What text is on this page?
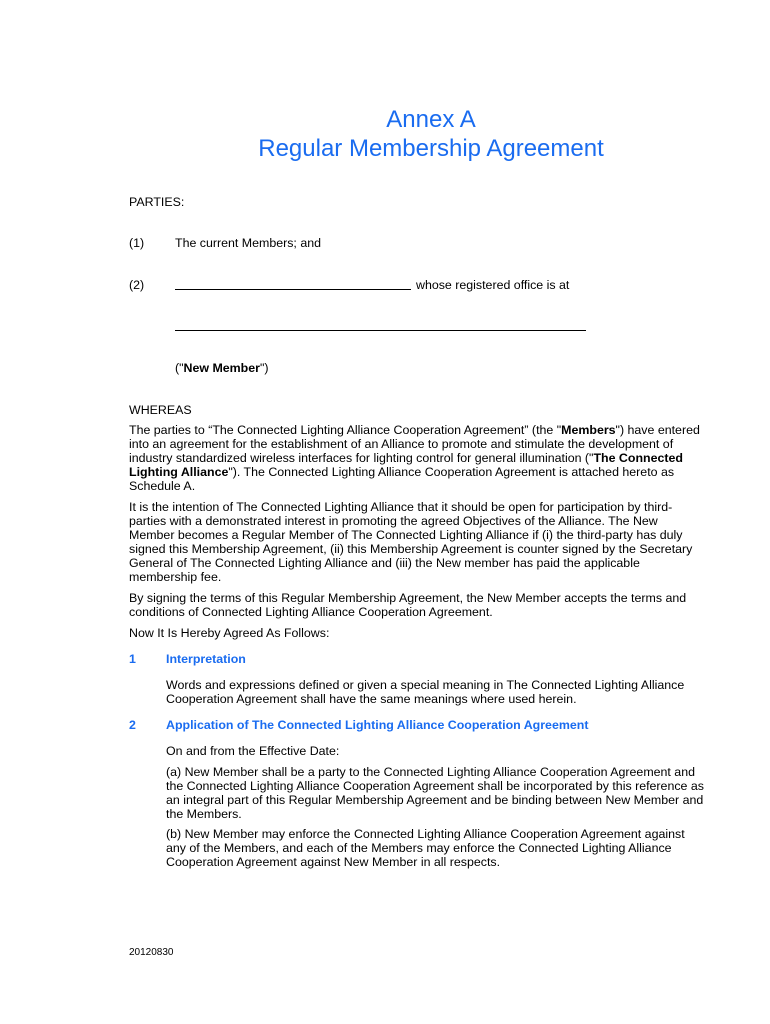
Annex A
Regular Membership Agreement
PARTIES:
(1) The current Members; and
(2)	whose registered office is at
("New Member")
WHEREAS

The parties to “The Connected Lighting Alliance Cooperation Agreement” (the "Members") have entered into an agreement for the establishment of an Alliance to promote and stimulate the development of industry standardized wireless interfaces for lighting control for general illumination ("The Connected Lighting Alliance"). The Connected Lighting Alliance Cooperation Agreement is attached hereto as Schedule A.

It is the intention of The Connected Lighting Alliance that it should be open for participation by third-parties with a demonstrated interest in promoting the agreed Objectives of the Alliance. The New Member becomes a Regular Member of The Connected Lighting Alliance if (i) the third-party has duly signed this Membership Agreement, (ii) this Membership Agreement is counter signed by the Secretary General of The Connected Lighting Alliance and (iii) the New member has paid the applicable membership fee.

By signing the terms of this Regular Membership Agreement, the New Member accepts the terms and conditions of Connected Lighting Alliance Cooperation Agreement.

Now It Is Hereby Agreed As Follows:
1 Interpretation

Words and expressions defined or given a special meaning in The Connected Lighting Alliance Cooperation Agreement shall have the same meanings where used herein.

2 Application of The Connected Lighting Alliance Cooperation Agreement

On and from the Effective Date:

(a) New Member shall be a party to the Connected Lighting Alliance Cooperation Agreement and the Connected Lighting Alliance Cooperation Agreement shall be incorporated by this reference as an integral part of this Regular Membership Agreement and be binding between New Member and the Members.

(b) New Member may enforce the Connected Lighting Alliance Cooperation Agreement against any of the Members, and each of the Members may enforce the Connected Lighting Alliance Cooperation Agreement against New Member in all respects.

20120830
